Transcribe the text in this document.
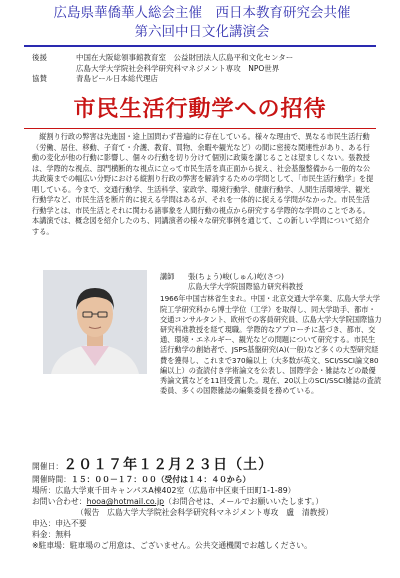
広島県華僑華人総会主催　西日本教育研究会共催
第六回中日文化講演会
後援	中国在大阪総領事館教育室　公益財団法人広島平和文化センター
広島大学大学院社会科学研究科マネジメント専攻　NPO世界
協賛	青島ビール日本総代理店
市民生活行動学への招待

縦割り行政の弊害は先進国・途上国問わず普遍的に存在している。様々な理由で、異なる市民生活行動（労働、居住、移動、子育て・介護、教育、買物、余暇や観光など）の間に密接な関連性があり、ある行動の変化が他の行動に影響し、個々の行動を切り分けて個別に政策を講じることは望ましくない。張教授は、学際的な視点、部門横断的な視点に立って市民生活を真正面から捉え、社会基盤整備から一般的な公共政策までの幅広い分野における縦割り行政の弊害を解消するための学問として、「市民生活行動学」を提唱している。今まで、交通行動学、生活科学、家政学、環境行動学、健康行動学、人間生活環境学、観光行動学など、市民生活を断片的に捉える学問はあるが、それを一体的に捉える学問がなかった。市民生活行動学とは、市民生活とそれに関わる諸事象を人間行動の視点から研究する学際的な学問のことである。本講演では、概念図を紹介したのち、同講演者の様々な研究事例を通じて、この新しい学問について紹介する。

講師	張(ちょう)峻(しゅん)屹(さつ)
広島大学大学院国際協力研究科教授
1966年中国吉林省生まれ。中国・北京交通大学卒業、広島大学大学院工学研究科から博士学位（工学）を取得し、同大学助手、都市・交通コンサルタント、欧州での客員研究員、広島大学大学院国際協力研究科准教授を経て現職。学際的なアプローチに基づき、都市、交通、環境・エネルギー、観光などの問題について研究する。市民生活行動学の創始者で、JSPS基盤研究(A)(一般)など多くの大型研究経費を獲得し、これまで370編以上（大多数が英文、SCI/SSCI論文80編以上）の査読付き学術論文を公表し、国際学会・雑誌などの最優秀論文賞などを11回受賞した。現在、20以上のSCI/SSCI雑誌の査読委員、多くの国際雑誌の編集委員を務めている。
開催日： ２０１７年１２月２３日（土）
開催時間： １５：００－１７：００（受付は１４：４０から）
場所： 広島大学東千田キャンパスA棟402室（広島市中区東千田町1-1-89）
お問い合わせ： hooa@hotmail.co.jp （お問合せは、メールでお願いいたします。）
（報告　広島大学大学院社会科学研究科マネジメント専攻　盧　清教授）
申込：申込不要
料金：無料
※駐車場：駐車場のご用意は、ございません。公共交通機関でお越しください。
